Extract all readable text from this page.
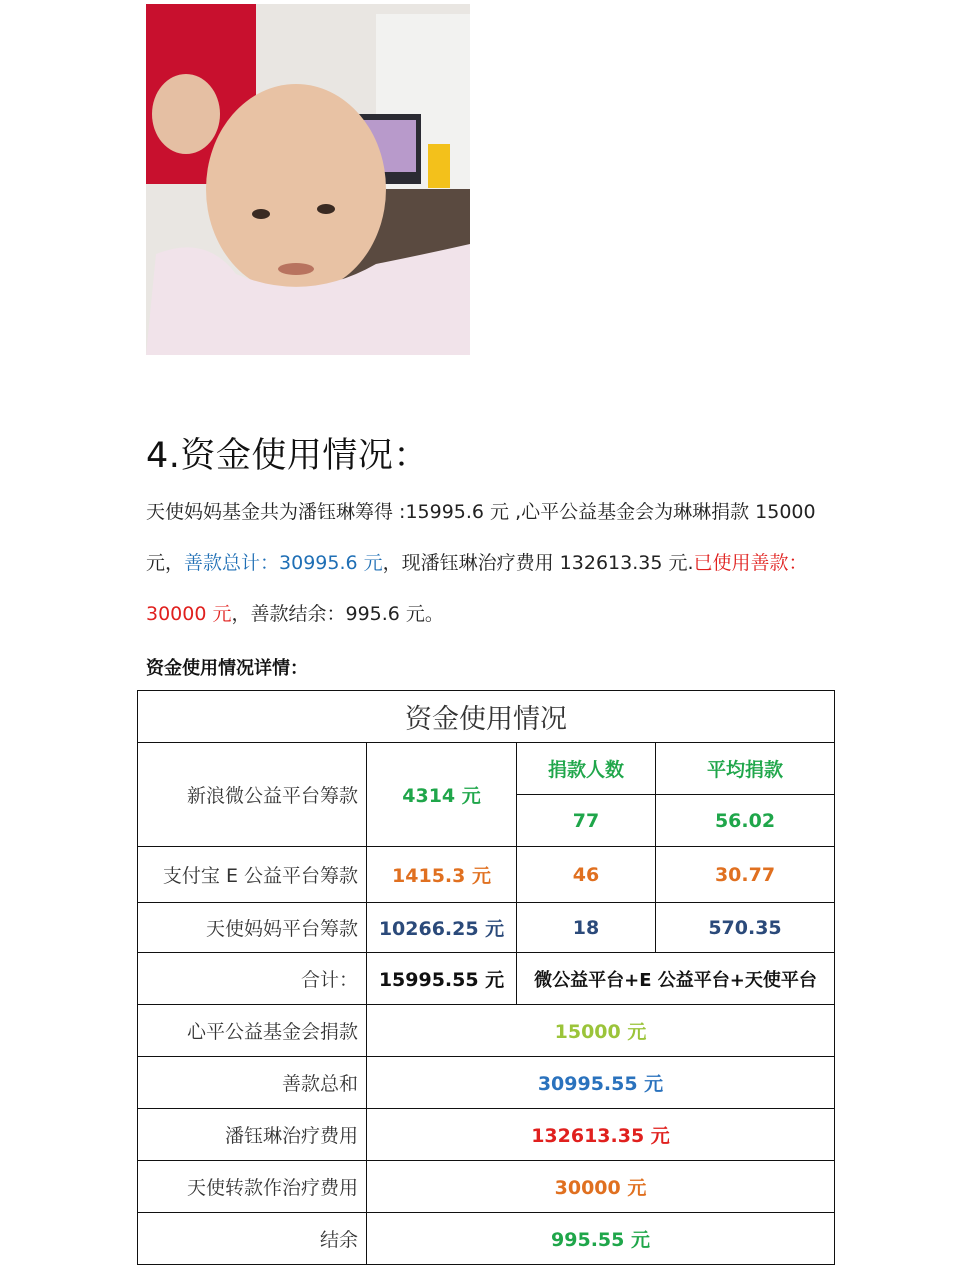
4.资金使用情况：

天使妈妈基金共为潘钰琳筹得 :15995.6 元 ,心平公益基金会为琳琳捐款 15000

元，善款总计：30995.6 元，现潘钰琳治疗费用 132613.35 元.已使用善款：

30000 元，善款结余：995.6 元。

资金使用情况详情：

资金使用情况			
新浪微公益平台筹款	4314 元	捐款人数	平均捐款
		77	56.02
支付宝 E 公益平台筹款	1415.3 元	46	30.77
天使妈妈平台筹款	10266.25 元	18	570.35
合计：	15995.55 元	微公益平台+E 公益平台+天使平台	
心平公益基金会捐款	15000 元		
善款总和	30995.55 元		
潘钰琳治疗费用	132613.35 元		
天使转款作治疗费用	30000 元		
结余	995.55 元		
